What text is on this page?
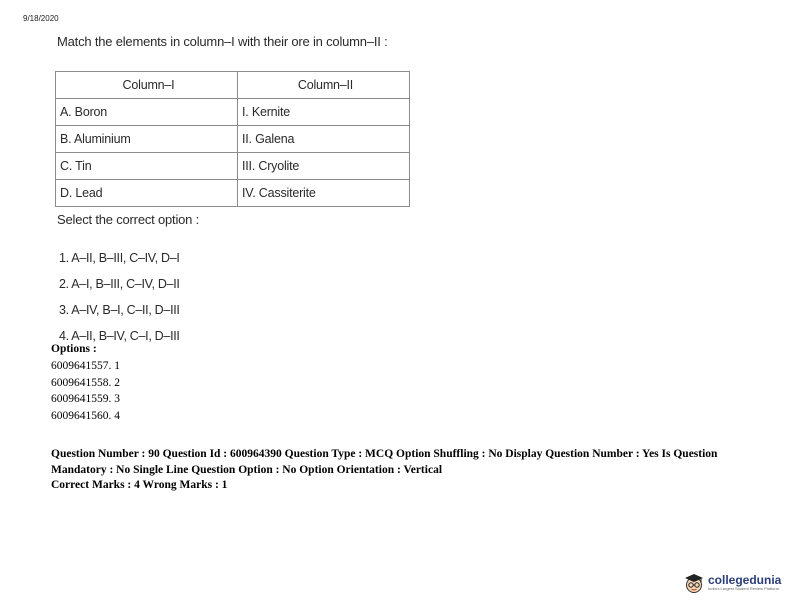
9/18/2020
Match the elements in column–I with their ore in column–II :
Column–I	Column–II
A. Boron	I. Kernite
B. Aluminium	II. Galena
C. Tin	III. Cryolite
D. Lead	IV. Cassiterite
Select the correct option :
1. A–II, B–III, C–IV, D–I
2. A–I, B–III, C–IV, D–II
3. A–IV, B–I, C–II, D–III
4. A–II, B–IV, C–I, D–III
Options :
6009641557. 1
6009641558. 2
6009641559. 3
6009641560. 4
Question Number : 90 Question Id : 600964390 Question Type : MCQ Option Shuffling : No Display Question Number : Yes Is Question Mandatory : No Single Line Question Option : No Option Orientation : Vertical
Correct Marks : 4 Wrong Marks : 1
collegedunia
India's Largest Student Review Platform
